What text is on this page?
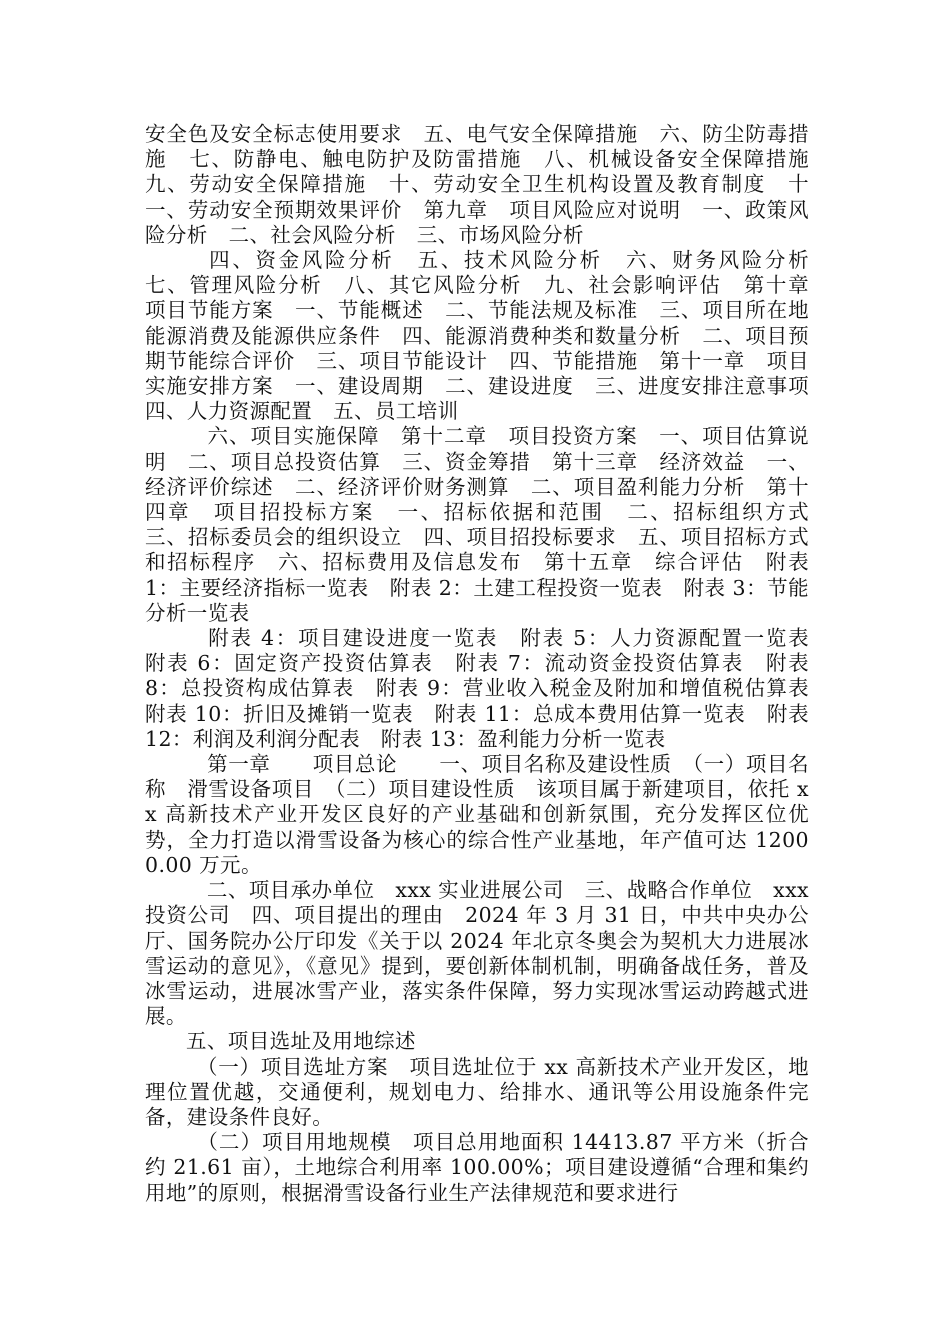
安全色及安全标志使用要求　五、电气安全保障措施　六、防尘防毒措施　七、防静电、触电防护及防雷措施　八、机械设备安全保障措施　九、劳动安全保障措施　十、劳动安全卫生机构设置及教育制度　十一、劳动安全预期效果评价　第九章　项目风险应对说明　一、政策风险分析　二、社会风险分析　三、市场风险分析

　四、资金风险分析　五、技术风险分析　六、财务风险分析　七、管理风险分析　八、其它风险分析　九、社会影响评估　第十章　项目节能方案　一、节能概述　二、节能法规及标准　三、项目所在地能源消费及能源供应条件　四、能源消费种类和数量分析　二、项目预期节能综合评价　三、项目节能设计　四、节能措施　第十一章　项目实施安排方案　一、建设周期　二、建设进度　三、进度安排注意事项　四、人力资源配置　五、员工培训

　六、项目实施保障　第十二章　项目投资方案　一、项目估算说明　二、项目总投资估算　三、资金筹措　第十三章　经济效益　一、经济评价综述　二、经济评价财务测算　二、项目盈利能力分析　第十四章　项目招投标方案　一、招标依据和范围　二、招标组织方式　三、招标委员会的组织设立　四、项目招投标要求　五、项目招标方式和招标程序　六、招标费用及信息发布　第十五章　综合评估　附表 1：主要经济指标一览表　附表 2：土建工程投资一览表　附表 3：节能分析一览表

　附表 4：项目建设进度一览表　附表 5：人力资源配置一览表　附表 6：固定资产投资估算表　附表 7：流动资金投资估算表　附表 8：总投资构成估算表　附表 9：营业收入税金及附加和增值税估算表　附表 10：折旧及摊销一览表　附表 11：总成本费用估算一览表　附表 12：利润及利润分配表　附表 13：盈利能力分析一览表

　第一章　　项目总论　　一、项目名称及建设性质　（一）项目名称　滑雪设备项目　（二）项目建设性质　该项目属于新建项目，依托 xx 高新技术产业开发区良好的产业基础和创新氛围，充分发挥区位优势，全力打造以滑雪设备为核心的综合性产业基地，年产值可达 12000.00 万元。

　二、项目承办单位　xxx 实业进展公司　三、战略合作单位　xxx 投资公司　四、项目提出的理由　2024 年 3 月 31 日，中共中央办公厅、国务院办公厅印发《关于以 2024 年北京冬奥会为契机大力进展冰雪运动的意见》，《意见》提到，要创新体制机制，明确备战任务，普及冰雪运动，进展冰雪产业，落实条件保障，努力实现冰雪运动跨越式进展。

五、项目选址及用地综述

　（一）项目选址方案　项目选址位于 xx 高新技术产业开发区，地理位置优越，交通便利，规划电力、给排水、通讯等公用设施条件完备，建设条件良好。

　（二）项目用地规模　项目总用地面积 14413.87 平方米（折合约 21.61 亩），土地综合利用率 100.00%；项目建设遵循“合理和集约用地”的原则，根据滑雪设备行业生产法律规范和要求进行
